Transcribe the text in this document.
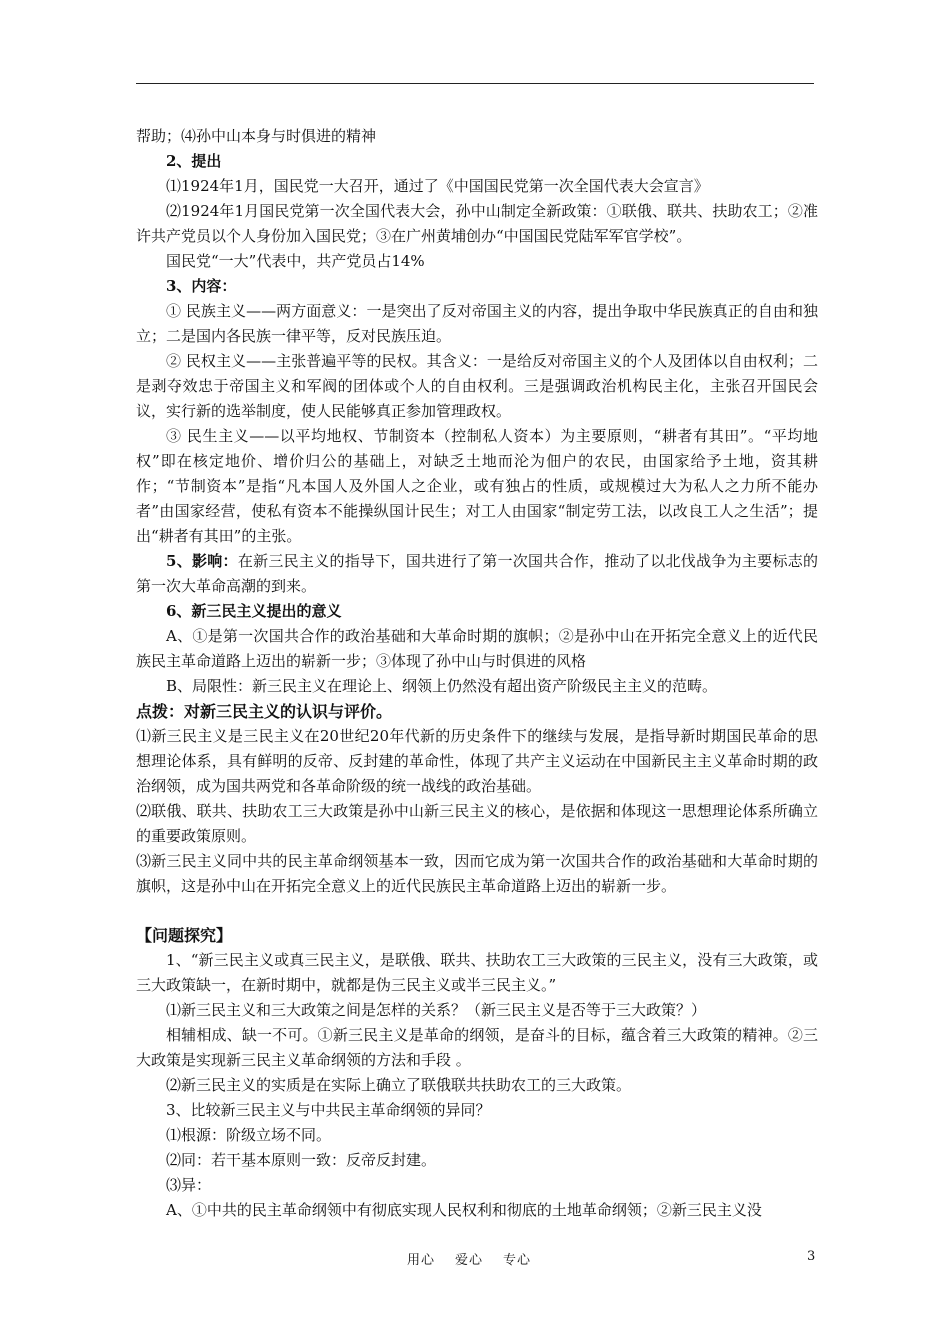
帮助；⑷孙中山本身与时俱进的精神

2、提出

⑴1924年1月，国民党一大召开，通过了《中国国民党第一次全国代表大会宣言》

⑵1924年1月国民党第一次全国代表大会，孙中山制定全新政策：①联俄、联共、扶助农工；②准许共产党员以个人身份加入国民党；③在广州黄埔创办“中国国民党陆军军官学校”。

国民党“一大”代表中，共产党员占14%

3、内容：

① 民族主义——两方面意义：一是突出了反对帝国主义的内容，提出争取中华民族真正的自由和独立；二是国内各民族一律平等，反对民族压迫。

② 民权主义——主张普遍平等的民权。其含义：一是给反对帝国主义的个人及团体以自由权利；二是剥夺效忠于帝国主义和军阀的团体或个人的自由权利。三是强调政治机构民主化，主张召开国民会议，实行新的选举制度，使人民能够真正参加管理政权。

③ 民生主义——以平均地权、节制资本（控制私人资本）为主要原则，“耕者有其田”。“平均地权”即在核定地价、增价归公的基础上，对缺乏土地而沦为佃户的农民，由国家给予土地，资其耕作；“节制资本”是指“凡本国人及外国人之企业，或有独占的性质，或规模过大为私人之力所不能办者”由国家经营，使私有资本不能操纵国计民生；对工人由国家“制定劳工法，以改良工人之生活”；提出“耕者有其田”的主张。

5、影响：在新三民主义的指导下，国共进行了第一次国共合作，推动了以北伐战争为主要标志的第一次大革命高潮的到来。

6、新三民主义提出的意义

A、①是第一次国共合作的政治基础和大革命时期的旗帜；②是孙中山在开拓完全意义上的近代民族民主革命道路上迈出的崭新一步；③体现了孙中山与时俱进的风格

B、局限性：新三民主义在理论上、纲领上仍然没有超出资产阶级民主主义的范畴。

点拨：对新三民主义的认识与评价。

⑴新三民主义是三民主义在20世纪20年代新的历史条件下的继续与发展，是指导新时期国民革命的思想理论体系，具有鲜明的反帝、反封建的革命性，体现了共产主义运动在中国新民主主义革命时期的政治纲领，成为国共两党和各革命阶级的统一战线的政治基础。

⑵联俄、联共、扶助农工三大政策是孙中山新三民主义的核心，是依据和体现这一思想理论体系所确立的重要政策原则。

⑶新三民主义同中共的民主革命纲领基本一致，因而它成为第一次国共合作的政治基础和大革命时期的旗帜，这是孙中山在开拓完全意义上的近代民族民主革命道路上迈出的崭新一步。

【问题探究】

1、“新三民主义或真三民主义，是联俄、联共、扶助农工三大政策的三民主义，没有三大政策，或三大政策缺一，在新时期中，就都是伪三民主义或半三民主义。”

⑴新三民主义和三大政策之间是怎样的关系？（新三民主义是否等于三大政策？）

相辅相成、缺一不可。①新三民主义是革命的纲领，是奋斗的目标，蕴含着三大政策的精神。②三大政策是实现新三民主义革命纲领的方法和手段 。

⑵新三民主义的实质是在实际上确立了联俄联共扶助农工的三大政策。

3、比较新三民主义与中共民主革命纲领的异同？

⑴根源：阶级立场不同。

⑵同：若干基本原则一致：反帝反封建。

⑶异：

A、①中共的民主革命纲领中有彻底实现人民权利和彻底的土地革命纲领；②新三民主义没

用心 爱心 专心	3
